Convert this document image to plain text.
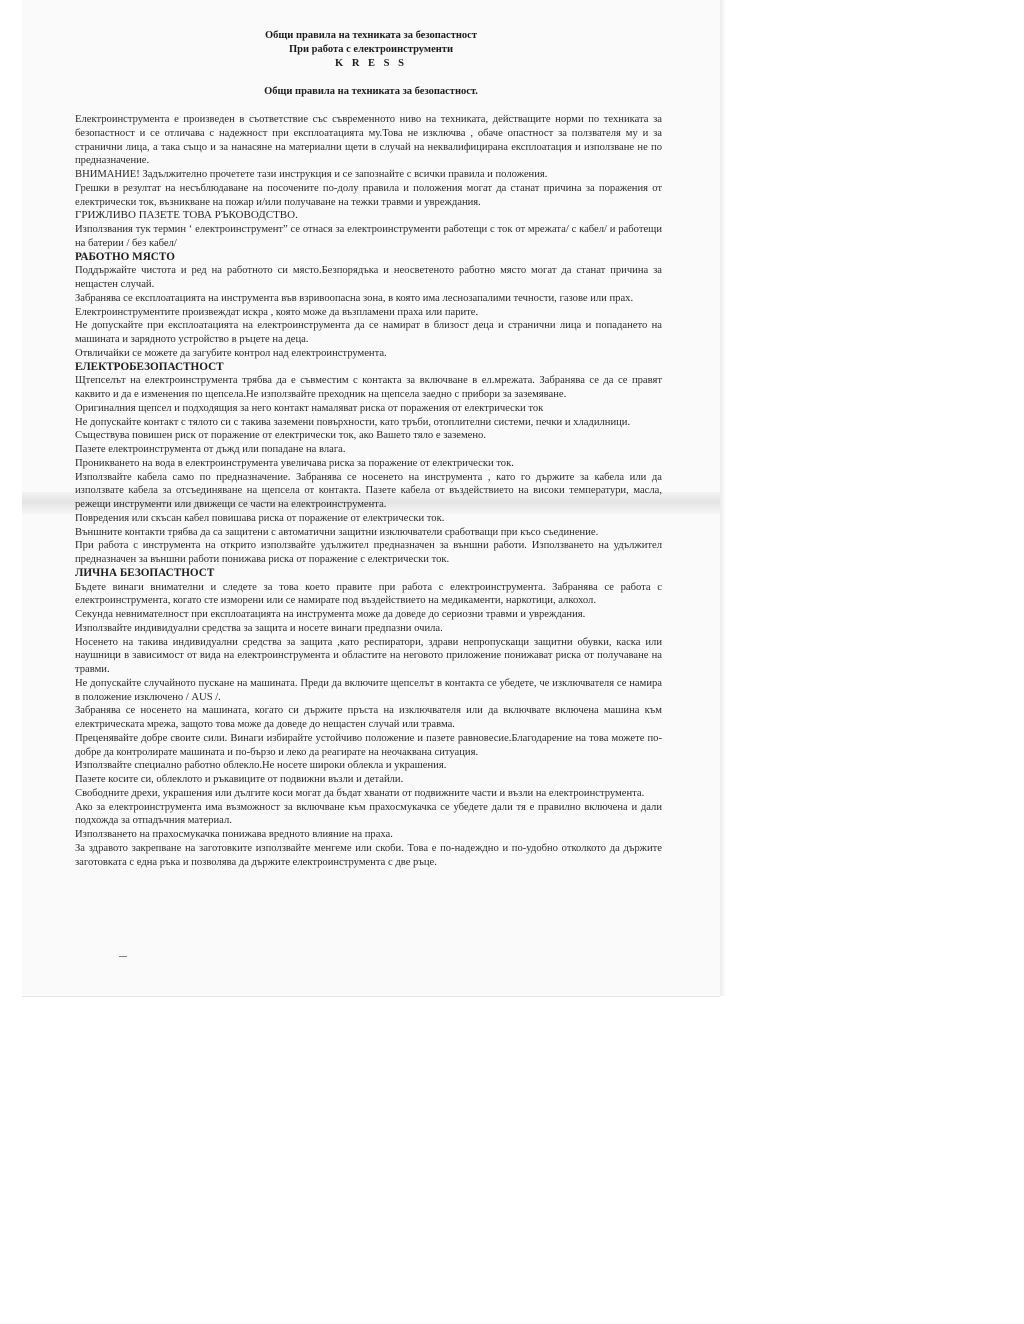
Общи правила на техниката за безопастност
При работа с електроинструменти
K R E S S
Общи правила на техниката за безопастност.

Електроинструмента е произведен в съответствие със съвременното ниво на техниката, действащите норми по техниката за безопастност и се отличава с надежност при експлоатацията му.Това не изключва , обаче опастност за ползвателя му и за странични лица, а така също и за нанасяне на материални щети в случай на неквалифицирана експлоатация и използване не по предназначение.

ВНИМАНИЕ! Задължително прочетете тази инструкция и се запознайте с всички правила и положения.

Грешки в резултат на несъблюдаване на посочените по-долу правила и положения могат да станат причина за поражения от електрически ток, възникване на пожар и/или получаване на тежки травми и увреждания.

ГРИЖЛИВО ПАЗЕТЕ ТОВА РЪКОВОДСТВО.

Използвания тук термин ‘ електроинструмент” се отнася за електроинструменти работещи с ток от мрежата/ с кабел/ и работещи на батерии / без кабел/

РАБОТНО МЯСТО

Поддържайте чистота и ред на работното си място.Безпорядъка и неосветеното работно място могат да станат причина за нещастен случай.

Забранява се експлоатацията на инструмента във взривоопасна зона, в която има леснозапалими течности, газове или прах.

Електроинструментите произвеждат искра , която може да възпламени праха или парите.

Не допускайте при експлоатацията на електроинструмента да се намират в близост деца и странични лица и попадането на машината и зарядното устройство в ръцете на деца.

Отвличайки се можете да загубите контрол над електроинструмента.

ЕЛЕКТРОБЕЗОПАСТНОСТ

Щтепселът на електроинструмента трябва да е съвместим с контакта за включване в ел.мрежата. Забранява се да се правят каквито и да е изменения по щепсела.Не използвайте преходник на щепсела заедно с прибори за заземяване.

Оригиналния щепсел и подходящия за него контакт намаляват риска от поражения от електрически ток

Не допускайте контакт с тялото си с такива заземени повърхности, като тръби, отоплителни системи, печки и хладилници.

Съществува повишен риск от поражение от електрически ток, ако Вашето тяло е заземено.

Пазете електроинструмента от дъжд или попадане на влага.

Проникването на вода в електроинструмента увеличава риска за поражение от електрически ток.

Използвайте кабела само по предназначение. Забранява се носенето на инструмента , като го държите за кабела или да използвате кабела за отсъединяване на щепсела от контакта. Пазете кабела от въздействието на високи температури, масла, режещи инструменти или движещи се части на електроинструмента.

Повредения или скъсан кабел повишава риска от поражение от електрически ток.

Външните контакти трябва да са защитени с автоматични защитни изключватели сработващи при късо съединение.

При работа с инструмента на открито използвайте удължител предназначен за външни работи. Използването на удължител предназначен за външни работи понижава риска от поражение с електрически ток.

ЛИЧНА БЕЗОПАСТНОСТ

Бъдете винаги внимателни и следете за това което правите при работа с електроинструмента. Забранява се работа с електроинструмента, когато сте изморени или се намирате под въздействието на медикаменти, наркотици, алкохол.

Секунда невнимателност при експлоатацията на инструмента може да доведе до сериозни травми и увреждания.

Използвайте индивидуални средства за защита и носете винаги предпазни очила.

Носенето на такива индивидуални средства за защита ,като респиратори, здрави непропускащи защитни обувки, каска или наушници в зависимост от вида на електроинструмента и областите на неговото приложение понижават риска от получаване на травми.

Не допускайте случайното пускане на машината. Преди да включите щепселът в контакта се убедете, че изключвателя се намира в положение изключено / AUS /.

Забранява се носенето на машината, когато си държите пръста на изключвателя или да включвате включена машина към електрическата мрежа, защото това може да доведе до нещастен случай или травма.

Преценявайте добре своите сили. Винаги избирайте устойчиво положение и пазете равновесие.Благодарение на това можете по-добре да контролирате машината и по-бързо и леко да реагирате на неочаквана ситуация.

Използвайте специално работно облекло.Не носете широки облекла и украшения.

Пазете косите си, облеклото и ръкавиците от подвижни възли и детайли.

Свободните дрехи, украшения или дългите коси могат да бъдат хванати от подвижните части и възли на електроинструмента.

Ако за електроинструмента има възможност за включване към прахосмукачка се убедете дали тя е правилно включена и дали подхожда за отпадъчния материал.

Използването на прахосмукачка понижава вредното влияние на праха.

За здравото закрепване на заготовките използвайте менгеме или скоби. Това е по-надеждно и по-удобно отколкото да държите заготовката с една ръка и позволява да държите електроинструмента с две ръце.
